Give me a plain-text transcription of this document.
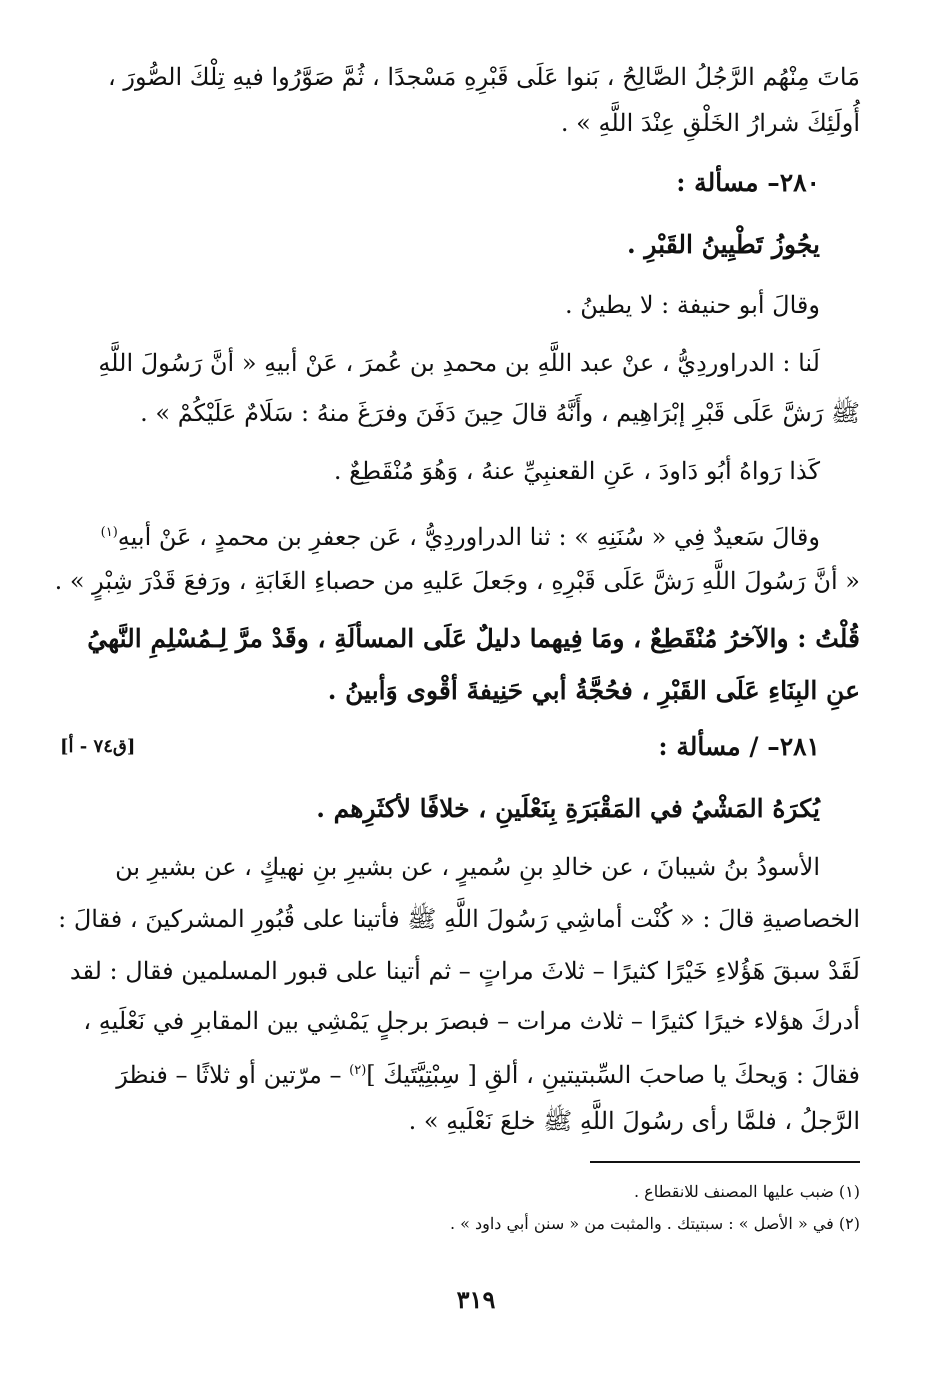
مَاتَ مِنْهُم الرَّجُلُ الصَّالِحُ ، بَنوا عَلَى قَبْرِهِ مَسْجدًا ، ثُمَّ صَوَّرُوا فيهِ تِلْكَ الصُّورَ ،
أُولَئِكَ شرارُ الخَلْقِ عِنْدَ اللَّهِ » .
٢٨٠– مسألة :
يجُوزُ تَطْيِينُ القَبْرِ .
وقالَ أبو حنيفة : لا يطينُ .
لَنا : الدراوردِيُّ ، عنْ عبد اللَّهِ بن محمدِ بن عُمرَ ، عَنْ أبيهِ « أنَّ رَسُولَ اللَّهِ
ﷺ رَشَّ عَلَى قَبْرِ إبْرَاهِيم ، وأَنَّهُ قالَ حِينَ دَفَنَ وفرَغَ منهُ : سَلَامٌ عَلَيْكُمْ » .
كَذا رَواهُ أبُو دَاودَ ، عَنِ القعنبِيِّ عنهُ ، وَهُوَ مُنْقَطِعٌ .
وقالَ سَعيدٌ فِي « سُنَنِهِ » : ثنا الدراوردِيُّ ، عَن جعفرِ بن محمدٍ ، عَنْ أبيهِ$^{(١)}$
« أنَّ رَسُولَ اللَّهِ رَشَّ عَلَى قَبْرِهِ ، وجَعلَ عَليهِ من حصباءِ الغَابَةِ ، ورَفعَ قَدْرَ شِبْرٍ » .
قُلْتُ : والآخرُ مُنْقَطِعٌ ، ومَا فِيهما دليلٌ عَلَى المسألَةِ ، وقَدْ مرَّ لِـمُسْلِمِ النَّهيُ
عنِ البِنَاءِ عَلَى القَبْرِ ، فحُجَّةُ أبي حَنِيفةَ أقْوى وَأبينُ .
٢٨١– / مسألة :
[ق٧٤ - أ]
يُكرَهُ المَشْيُ في المَقْبَرَةِ بِنَعْلَينِ ، خلافًا لأكثَرِهم .
الأسودُ بنُ شيبانَ ، عن خالدِ بنِ سُميرٍ ، عن بشيرِ بنِ نهيكٍ ، عن بشيرِ بن
الخصاصيةِ قالَ : « كُنْت أماشِي رَسُولَ اللَّهِ ﷺ فأتينا على قُبُورِ المشركينَ ، فقالَ :
لَقَدْ سبقَ هَؤُلاءِ خَيْرًا كثيرًا – ثلاثَ مراتٍ – ثم أتينا على قبور المسلمين فقال : لقد
أدركَ هؤلاء خيرًا كثيرًا – ثلاث مرات – فبصرَ برجلٍ يَمْشِي بين المقابرِ في نَعْلَيهِ ،
فقالَ : وَيحكَ يا صاحبَ السِّبتيتينِ ، ألقِ [ سِبْتِيَّتَيكَ ]$^{(٢)}$ – مرّتين أو ثلاثًا – فنظرَ
الرَّجلُ ، فلمَّا رأى رسُولَ اللَّهِ ﷺ خلعَ نَعْلَيهِ » .
(١) ضبب عليها المصنف للانقطاع .
(٢) في « الأصل » : سبتيتك . والمثبت من « سنن أبي داود » .
٣١٩
